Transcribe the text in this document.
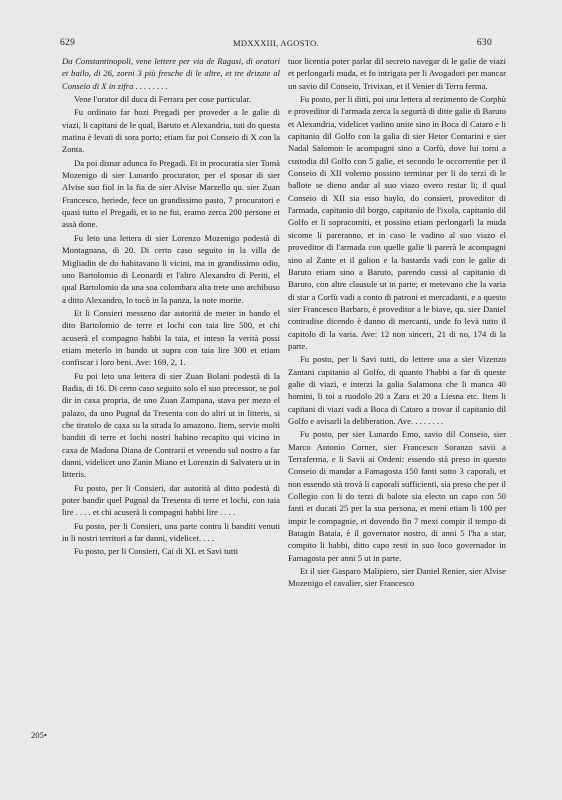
629	MDXXXIII, AGOSTO.	630
205•

Da Constantinopoli, vene lettere per via de Ragusi, di oratori et bailo, di 26, zorni 3 più fresche di le altre, et tre drizate al Conseio di X in zifra . . . . . . . .

Vene l'orator dil duca di Ferrara per cose particular.

Fu ordinato far hozi Pregadi per proveder a le galie di viazi, li capitani de le qual, Baruto et Alexandria, tuti do questa matina è levati di sora porto; etiam far poi Conseio di X con la Zonta.

Da poi disnar adunca fo Pregadi. Et in procuratia sier Tomà Mozenigo di sier Lunardo procurator, per el sposar di sier Alvise suo fiol in la fia de sier Alvise Marzello qu. sier Zuan Francesco, heriede, fece un grandissimo pasto, 7 procuratori e quasi tutto el Pregadi, et io ne fui, eramo zerca 200 persone et assà done.

Fu leto una lettera di sier Lorenzo Mozenigo podestà di Montagnana, di 20. Di certo caso seguito in la villa de Migliadin de do habitavano li vicini, ma in grandissimo odio, uno Bartolomio di Leonardi et l'altro Alexandro di Periti, el qual Bartolomio da una soa colombara alta trete uno archibuso a ditto Alexandro, lo tocò in la panza, la note morite.

Et li Consieri messeno dar autorità de meter in bando el dito Bartolomio de terre et lochi con taia lire 500, et chi acuserà el compagno habbi la taia, et inteso la verità possi etiam meterlo in bando ut supra con taia lire 300 et etiam confiscar i loro beni. Ave: 169, 2, 1.

Fu poi leto una lettera di sier Zuan Bolani podestà di la Badia, di 16. Di certo caso seguito solo el suo precessor, se pol dir in caxa propria, de uno Zuan Zampana, stava per mezo el palazo, da uno Pugnal da Tresenta con do altri ut in litteris, si che tiratolo de caxa su la strada lo amazono. Item, servie molti banditi di terre et lochi nostri habino recapito qui vicino in caxa de Madona Diana de Contrarii et venendo sul nostro a far danni, videlicet uno Zanin Miano et Lorenzin di Salvatera ut in litteris.

Fu posto, per li Consieri, dar autorità al ditto podestà di poter bandir quel Pugnal da Tresenta di terre et lochi, con taia lire . . . . et chi acuserà li compagni habbi lire . . . .

Fu posto, per li Consieri, una parte contra li banditi venuti in li nostri territori a far danni, videlicet. . . .

Fu posto, per li Consieri, Cai di XL et Savi tutti

tuor licentia poter parlar dil secreto navegar di le galie de viazi et perlongarli muda, et fo intrigata per li Avogadori per mancar un savio dil Conseio, Trivixan, et il Venier di Terra ferma.

Fu posto, per li ditti, poi una lettera al rezimento de Corphù e proveditor di l'armada zerca la segurtà di ditte galie di Baruto et Alexandria, videlicet vadino unite sino in Boca di Cataro e li capitanio dil Golfo con la galia di sier Hetor Contarini e sier Nadal Salomon le acompagni sino a Corfù, dove lui torni a custodia dil Golfo con 5 galie, et secondo le occorrentie per il Conseio di XII volemo possino terminar per li do terzi di le ballote se dieno andar al suo viazo overo restar li; il qual Conseio di XII sia esso baylo, do consieri, proveditor di l'armada, capitanio dil borgo, capitanio de l'ixola, capitanio dil Golfo et li sopracomiti, et possino etiam perlongarli la muda sicome li pareranno, et in caso le vadino al suo viazo el proveditor di l'armada con quelle galie li parerà le acompagni sino al Zante et il galion e la bastarda vadi con le galie di Baruto etiam sino a Baruto, parendo cussi al capitanio di Baruto, con altre clausule ut in parte; et metevano che la varia di star a Corfù vadi a conto di patroni et mercadanti, e a questo sier Francesco Barbaro, è proveditor a le biave, qu. sier Daniel contradise dicendo è danno di mercanti, unde fo levà tutto il capitolo di la varia. Ave: 12 non sinceri, 21 di no, 174 di la parte.

Fu posto, per li Savi tutti, do lettere una a sier Vizenzo Zantani capitanio al Golfo, di quanto l'habbi a far di queste galie di viazi, e interzi la galia Salamona che li manca 40 homini, li toi a ruodolo 20 a Zara et 20 a Liesna etc. Item li capitani di viazi vadi a Boca di Cataro a trovar il capitanio dil Golfo e avisarli la deliberation. Ave. . . . . . . .

Fu posto, per sier Lunardo Emo, savio dil Conseio, sier Marco Antonio Corner, sier Francesco Soranzo savii a Terraferma, e li Savii ai Ordeni: essendo stà preso in questo Conseio di mandar a Famagosta 150 fanti sotto 3 caporali, et non essendo stà trovà li caporali sufficienti, sia preso che per il Collegio con li do terzi di balote sia electo un capo con 50 fanti et ducati 25 per la sua persona, et meni etiam li 100 per impir le compagnie, et dovendo fin 7 mexi compir il tempo di Batagin Bataia, è il governator nostro, di anni 5 l'ha a star, compito li habbi, ditto capo resti in suo loco governador in Famagosta per anni 5 ut in parte.

Et il sier Gasparo Malipiero, sier Daniel Renier, sier Alvise Mozenigo el cavalier, sier Francesco
